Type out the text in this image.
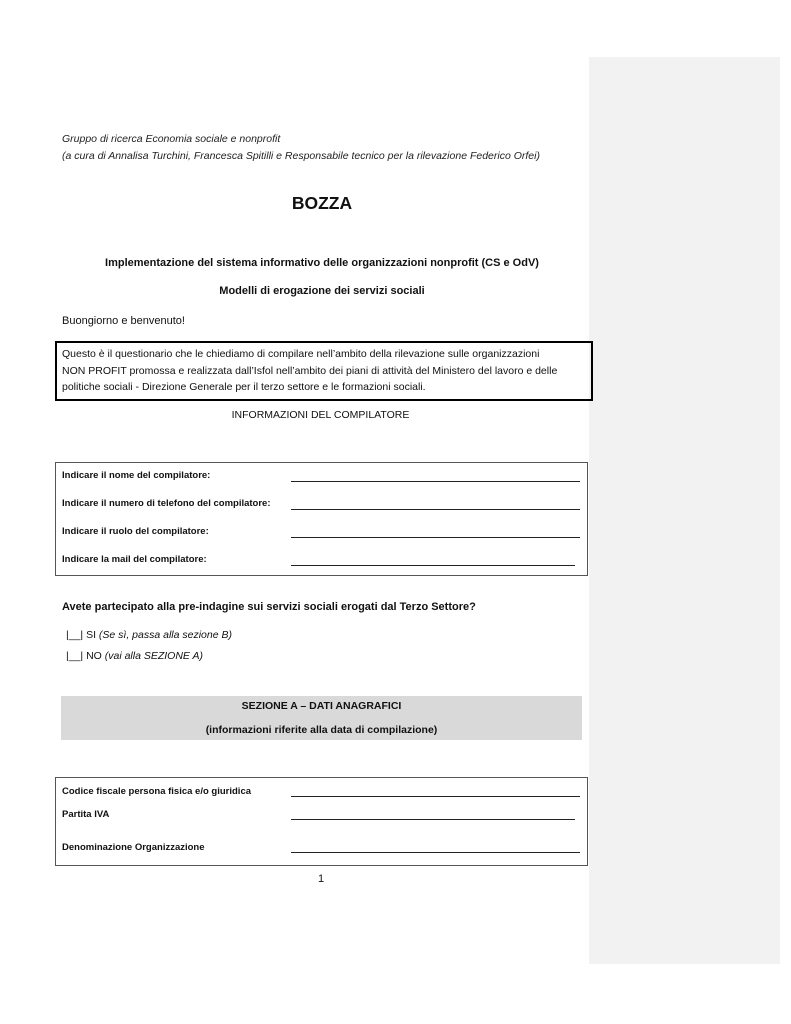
Gruppo di ricerca Economia sociale e nonprofit
(a cura di Annalisa Turchini, Francesca Spitilli e Responsabile tecnico per la rilevazione Federico Orfei)
BOZZA
Implementazione del sistema informativo delle organizzazioni nonprofit (CS e OdV)
Modelli di erogazione dei servizi sociali
Buongiorno e benvenuto!
Questo è il questionario che le chiediamo di compilare nell’ambito della rilevazione sulle organizzazioni
NON PROFIT promossa e realizzata dall’Isfol nell’ambito dei piani di attività del Ministero del lavoro e delle
politiche sociali - Direzione Generale per il terzo settore e le formazioni sociali.
INFORMAZIONI DEL COMPILATORE
Indicare il nome del compilatore:
Indicare il numero di telefono del compilatore:
Indicare il ruolo del compilatore:
Indicare la mail del compilatore:
Avete partecipato alla pre-indagine sui servizi sociali erogati dal Terzo Settore?
|__| SI (Se sì, passa alla sezione B)
|__| NO (vai alla SEZIONE A)
SEZIONE A – DATI ANAGRAFICI
(informazioni riferite alla data di compilazione)
Codice fiscale persona fisica e/o giuridica
Partita IVA
Denominazione Organizzazione
1
